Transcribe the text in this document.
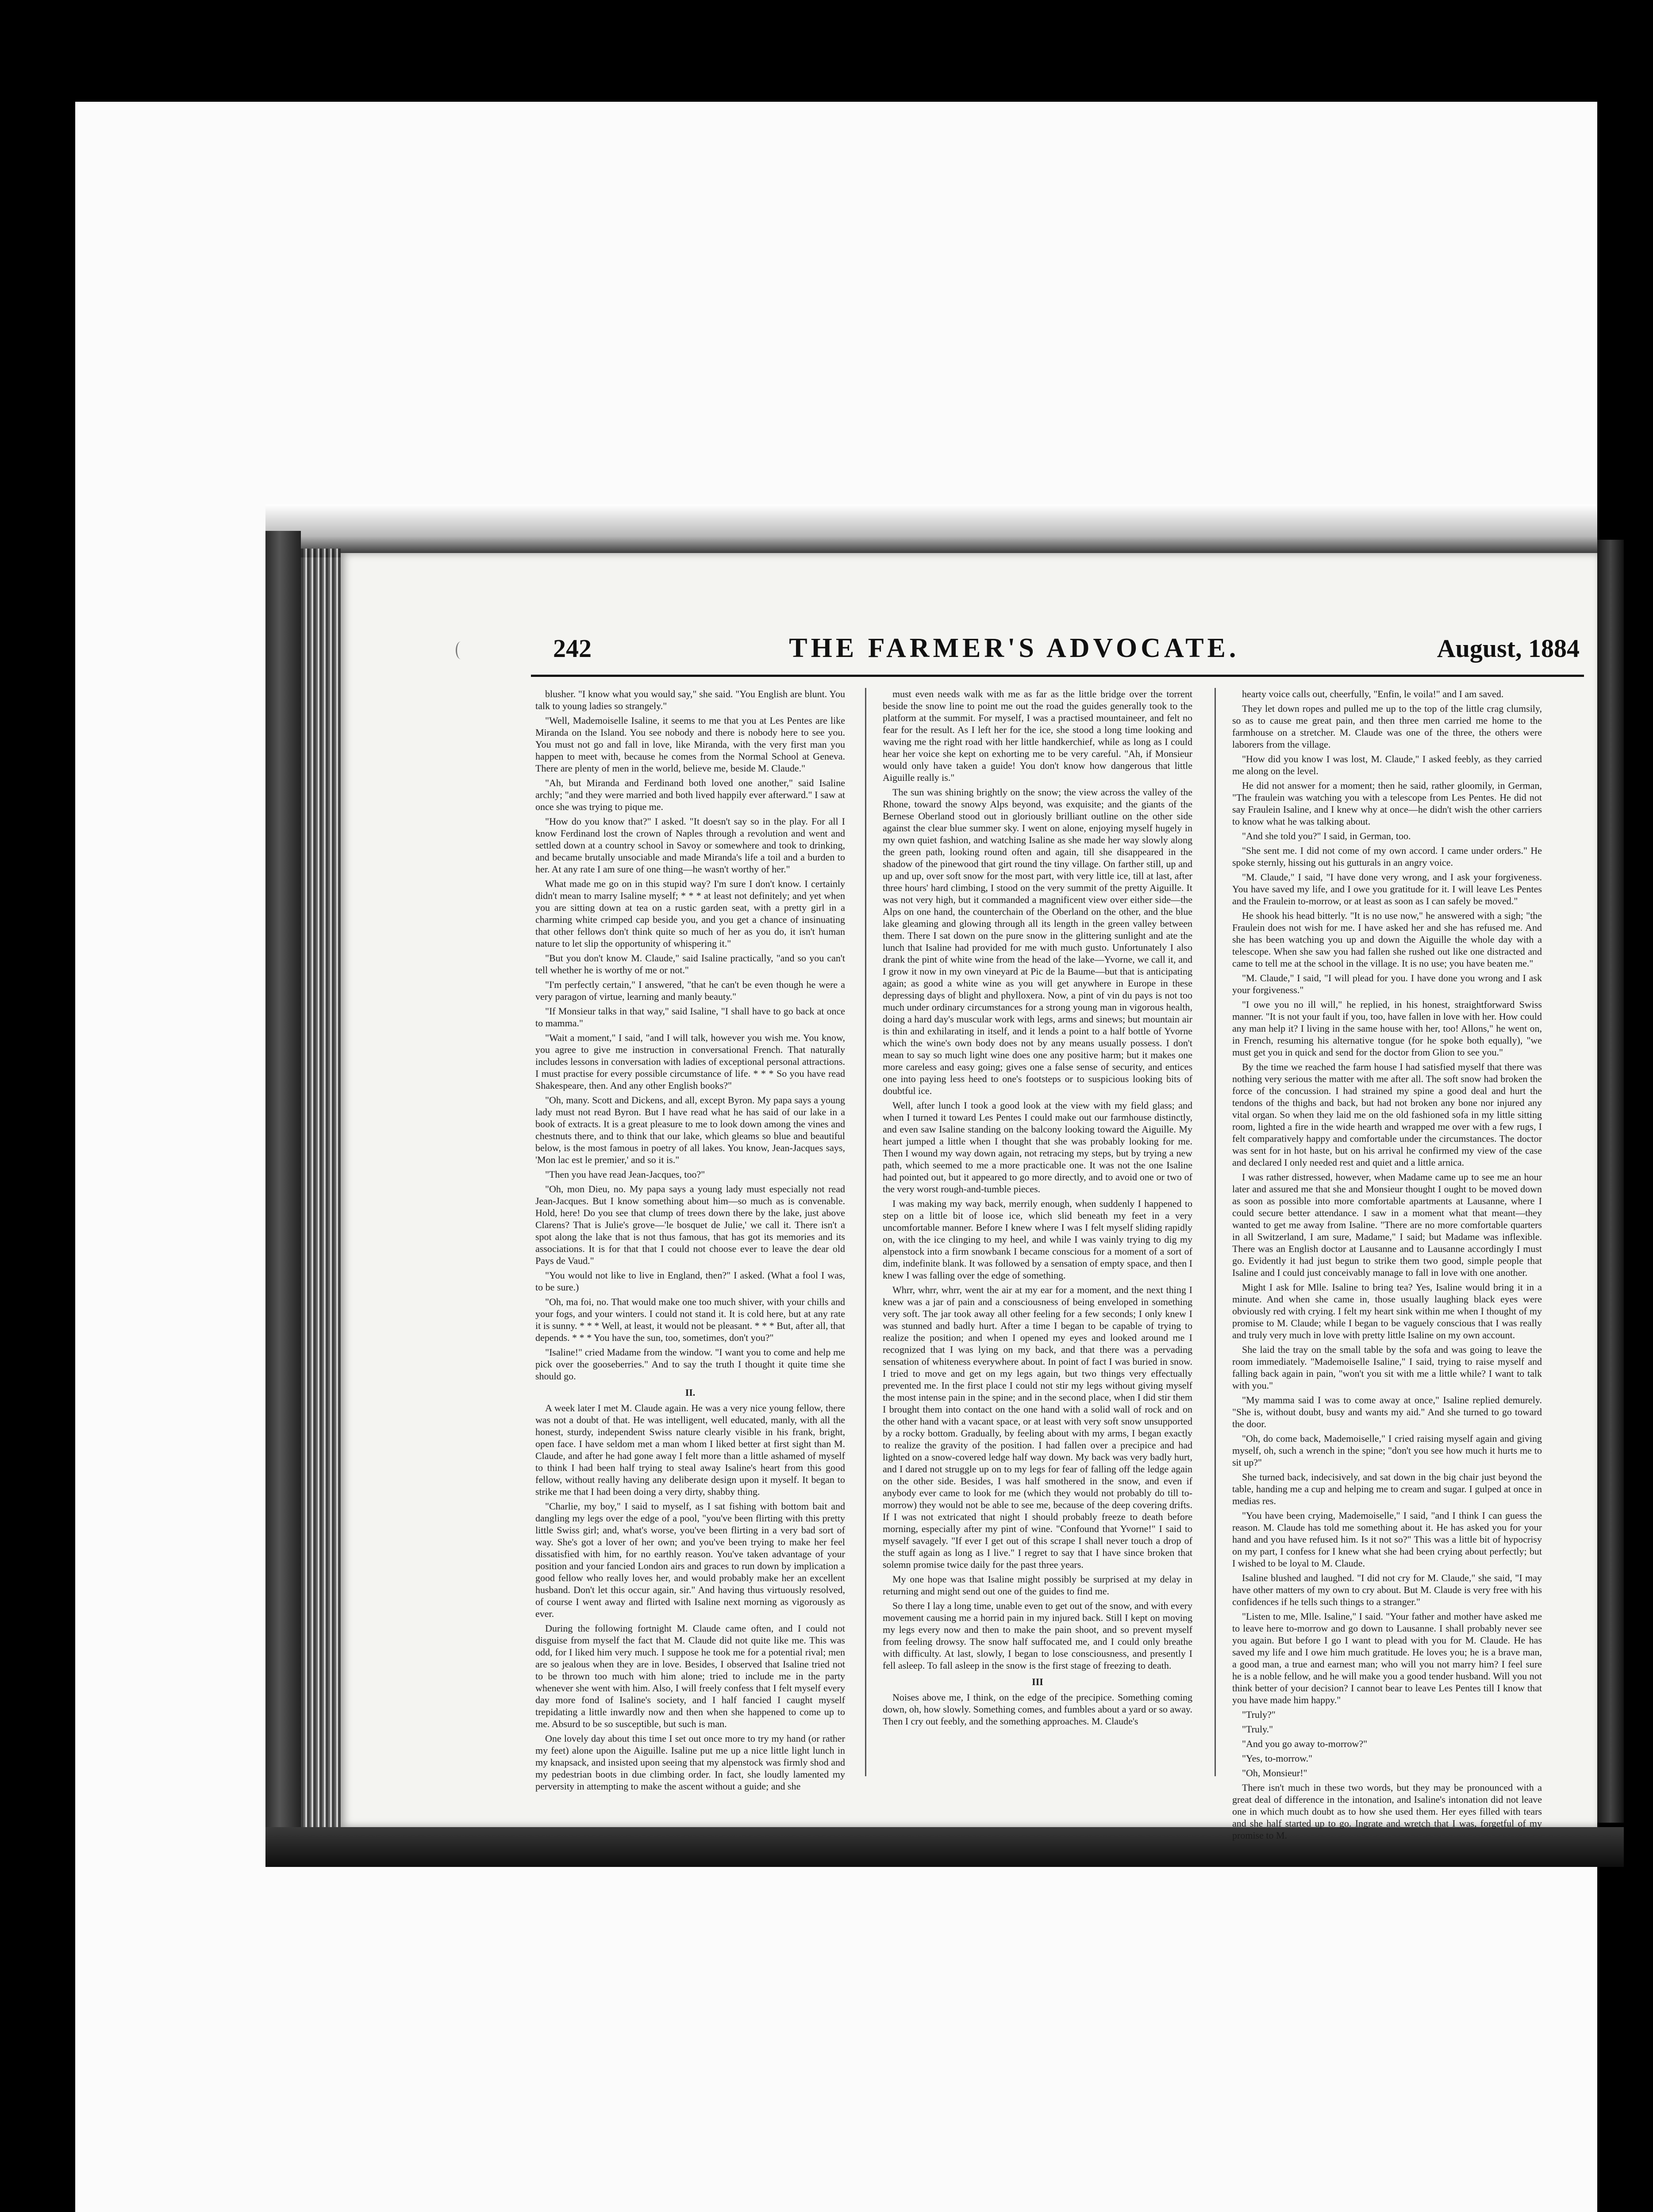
242	THE FARMER'S ADVOCATE.	August, 1884

blusher. "I know what you would say," she said. "You English are blunt. You talk to young ladies so strangely."

"Well, Mademoiselle Isaline, it seems to me that you at Les Pentes are like Miranda on the Island. You see nobody and there is nobody here to see you. You must not go and fall in love, like Miranda, with the very first man you happen to meet with, because he comes from the Normal School at Geneva. There are plenty of men in the world, believe me, beside M. Claude."

"Ah, but Miranda and Ferdinand both loved one another," said Isaline archly; "and they were married and both lived happily ever afterward." I saw at once she was trying to pique me.

"How do you know that?" I asked. "It doesn't say so in the play. For all I know Ferdinand lost the crown of Naples through a revolution and went and settled down at a country school in Savoy or somewhere and took to drinking, and became brutally unsociable and made Miranda's life a toil and a burden to her. At any rate I am sure of one thing—he wasn't worthy of her."

What made me go on in this stupid way? I'm sure I don't know. I certainly didn't mean to marry Isaline myself; * * * at least not definitely; and yet when you are sitting down at tea on a rustic garden seat, with a pretty girl in a charming white crimped cap beside you, and you get a chance of insinuating that other fellows don't think quite so much of her as you do, it isn't human nature to let slip the opportunity of whispering it."

"But you don't know M. Claude," said Isaline practically, "and so you can't tell whether he is worthy of me or not."

"I'm perfectly certain," I answered, "that he can't be even though he were a very paragon of virtue, learning and manly beauty."

"If Monsieur talks in that way," said Isaline, "I shall have to go back at once to mamma."

"Wait a moment," I said, "and I will talk, however you wish me. You know, you agree to give me instruction in conversational French. That naturally includes lessons in conversation with ladies of exceptional personal attractions. I must practise for every possible circumstance of life. * * * So you have read Shakespeare, then. And any other English books?"

"Oh, many. Scott and Dickens, and all, except Byron. My papa says a young lady must not read Byron. But I have read what he has said of our lake in a book of extracts. It is a great pleasure to me to look down among the vines and chestnuts there, and to think that our lake, which gleams so blue and beautiful below, is the most famous in poetry of all lakes. You know, Jean-Jacques says, 'Mon lac est le premier,' and so it is."

"Then you have read Jean-Jacques, too?"

"Oh, mon Dieu, no. My papa says a young lady must especially not read Jean-Jacques. But I know something about him—so much as is convenable. Hold, here! Do you see that clump of trees down there by the lake, just above Clarens? That is Julie's grove—'le bosquet de Julie,' we call it. There isn't a spot along the lake that is not thus famous, that has got its memories and its associations. It is for that that I could not choose ever to leave the dear old Pays de Vaud."

"You would not like to live in England, then?" I asked. (What a fool I was, to be sure.)

"Oh, ma foi, no. That would make one too much shiver, with your chills and your fogs, and your winters. I could not stand it. It is cold here, but at any rate it is sunny. * * * Well, at least, it would not be pleasant. * * * But, after all, that depends. * * * You have the sun, too, sometimes, don't you?"

"Isaline!" cried Madame from the window. "I want you to come and help me pick over the gooseberries." And to say the truth I thought it quite time she should go.

II.

A week later I met M. Claude again. He was a very nice young fellow, there was not a doubt of that. He was intelligent, well educated, manly, with all the honest, sturdy, independent Swiss nature clearly visible in his frank, bright, open face. I have seldom met a man whom I liked better at first sight than M. Claude, and after he had gone away I felt more than a little ashamed of myself to think I had been half trying to steal away Isaline's heart from this good fellow, without really having any deliberate design upon it myself. It began to strike me that I had been doing a very dirty, shabby thing.

"Charlie, my boy," I said to myself, as I sat fishing with bottom bait and dangling my legs over the edge of a pool, "you've been flirting with this pretty little Swiss girl; and, what's worse, you've been flirting in a very bad sort of way. She's got a lover of her own; and you've been trying to make her feel dissatisfied with him, for no earthly reason. You've taken advantage of your position and your fancied London airs and graces to run down by implication a good fellow who really loves her, and would probably make her an excellent husband. Don't let this occur again, sir." And having thus virtuously resolved, of course I went away and flirted with Isaline next morning as vigorously as ever.

During the following fortnight M. Claude came often, and I could not disguise from myself the fact that M. Claude did not quite like me. This was odd, for I liked him very much. I suppose he took me for a potential rival; men are so jealous when they are in love. Besides, I observed that Isaline tried not to be thrown too much with him alone; tried to include me in the party whenever she went with him. Also, I will freely confess that I felt myself every day more fond of Isaline's society, and I half fancied I caught myself trepidating a little inwardly now and then when she happened to come up to me. Absurd to be so susceptible, but such is man.

One lovely day about this time I set out once more to try my hand (or rather my feet) alone upon the Aiguille. Isaline put me up a nice little light lunch in my knapsack, and insisted upon seeing that my alpenstock was firmly shod and my pedestrian boots in due climbing order. In fact, she loudly lamented my perversity in attempting to make the ascent without a guide; and she

must even needs walk with me as far as the little bridge over the torrent beside the snow line to point me out the road the guides generally took to the platform at the summit. For myself, I was a practised mountaineer, and felt no fear for the result. As I left her for the ice, she stood a long time looking and waving me the right road with her little handkerchief, while as long as I could hear her voice she kept on exhorting me to be very careful. "Ah, if Monsieur would only have taken a guide! You don't know how dangerous that little Aiguille really is."

The sun was shining brightly on the snow; the view across the valley of the Rhone, toward the snowy Alps beyond, was exquisite; and the giants of the Bernese Oberland stood out in gloriously brilliant outline on the other side against the clear blue summer sky. I went on alone, enjoying myself hugely in my own quiet fashion, and watching Isaline as she made her way slowly along the green path, looking round often and again, till she disappeared in the shadow of the pinewood that girt round the tiny village. On farther still, up and up and up, over soft snow for the most part, with very little ice, till at last, after three hours' hard climbing, I stood on the very summit of the pretty Aiguille. It was not very high, but it commanded a magnificent view over either side—the Alps on one hand, the counterchain of the Oberland on the other, and the blue lake gleaming and glowing through all its length in the green valley between them. There I sat down on the pure snow in the glittering sunlight and ate the lunch that Isaline had provided for me with much gusto. Unfortunately I also drank the pint of white wine from the head of the lake—Yvorne, we call it, and I grow it now in my own vineyard at Pic de la Baume—but that is anticipating again; as good a white wine as you will get anywhere in Europe in these depressing days of blight and phylloxera. Now, a pint of vin du pays is not too much under ordinary circumstances for a strong young man in vigorous health, doing a hard day's muscular work with legs, arms and sinews; but mountain air is thin and exhilarating in itself, and it lends a point to a half bottle of Yvorne which the wine's own body does not by any means usually possess. I don't mean to say so much light wine does one any positive harm; but it makes one more careless and easy going; gives one a false sense of security, and entices one into paying less heed to one's footsteps or to suspicious looking bits of doubtful ice.

Well, after lunch I took a good look at the view with my field glass; and when I turned it toward Les Pentes I could make out our farmhouse distinctly, and even saw Isaline standing on the balcony looking toward the Aiguille. My heart jumped a little when I thought that she was probably looking for me. Then I wound my way down again, not retracing my steps, but by trying a new path, which seemed to me a more practicable one. It was not the one Isaline had pointed out, but it appeared to go more directly, and to avoid one or two of the very worst rough-and-tumble pieces.

I was making my way back, merrily enough, when suddenly I happened to step on a little bit of loose ice, which slid beneath my feet in a very uncomfortable manner. Before I knew where I was I felt myself sliding rapidly on, with the ice clinging to my heel, and while I was vainly trying to dig my alpenstock into a firm snowbank I became conscious for a moment of a sort of dim, indefinite blank. It was followed by a sensation of empty space, and then I knew I was falling over the edge of something.

Whrr, whrr, whrr, went the air at my ear for a moment, and the next thing I knew was a jar of pain and a consciousness of being enveloped in something very soft. The jar took away all other feeling for a few seconds; I only knew I was stunned and badly hurt. After a time I began to be capable of trying to realize the position; and when I opened my eyes and looked around me I recognized that I was lying on my back, and that there was a pervading sensation of whiteness everywhere about. In point of fact I was buried in snow. I tried to move and get on my legs again, but two things very effectually prevented me. In the first place I could not stir my legs without giving myself the most intense pain in the spine; and in the second place, when I did stir them I brought them into contact on the one hand with a solid wall of rock and on the other hand with a vacant space, or at least with very soft snow unsupported by a rocky bottom. Gradually, by feeling about with my arms, I began exactly to realize the gravity of the position. I had fallen over a precipice and had lighted on a snow-covered ledge half way down. My back was very badly hurt, and I dared not struggle up on to my legs for fear of falling off the ledge again on the other side. Besides, I was half smothered in the snow, and even if anybody ever came to look for me (which they would not probably do till to-morrow) they would not be able to see me, because of the deep covering drifts. If I was not extricated that night I should probably freeze to death before morning, especially after my pint of wine. "Confound that Yvorne!" I said to myself savagely. "If ever I get out of this scrape I shall never touch a drop of the stuff again as long as I live." I regret to say that I have since broken that solemn promise twice daily for the past three years.

My one hope was that Isaline might possibly be surprised at my delay in returning and might send out one of the guides to find me.

So there I lay a long time, unable even to get out of the snow, and with every movement causing me a horrid pain in my injured back. Still I kept on moving my legs every now and then to make the pain shoot, and so prevent myself from feeling drowsy. The snow half suffocated me, and I could only breathe with difficulty. At last, slowly, I began to lose consciousness, and presently I fell asleep. To fall asleep in the snow is the first stage of freezing to death.

III

Noises above me, I think, on the edge of the precipice. Something coming down, oh, how slowly. Something comes, and fumbles about a yard or so away. Then I cry out feebly, and the something approaches. M. Claude's

hearty voice calls out, cheerfully, "Enfin, le voila!" and I am saved.

They let down ropes and pulled me up to the top of the little crag clumsily, so as to cause me great pain, and then three men carried me home to the farmhouse on a stretcher. M. Claude was one of the three, the others were laborers from the village.

"How did you know I was lost, M. Claude," I asked feebly, as they carried me along on the level.

He did not answer for a moment; then he said, rather gloomily, in German, "The fraulein was watching you with a telescope from Les Pentes. He did not say Fraulein Isaline, and I knew why at once—he didn't wish the other carriers to know what he was talking about.

"And she told you?" I said, in German, too.

"She sent me. I did not come of my own accord. I came under orders." He spoke sternly, hissing out his gutturals in an angry voice.

"M. Claude," I said, "I have done very wrong, and I ask your forgiveness. You have saved my life, and I owe you gratitude for it. I will leave Les Pentes and the Fraulein to-morrow, or at least as soon as I can safely be moved."

He shook his head bitterly. "It is no use now," he answered with a sigh; "the Fraulein does not wish for me. I have asked her and she has refused me. And she has been watching you up and down the Aiguille the whole day with a telescope. When she saw you had fallen she rushed out like one distracted and came to tell me at the school in the village. It is no use; you have beaten me."

"M. Claude," I said, "I will plead for you. I have done you wrong and I ask your forgiveness."

"I owe you no ill will," he replied, in his honest, straightforward Swiss manner. "It is not your fault if you, too, have fallen in love with her. How could any man help it? I living in the same house with her, too! Allons," he went on, in French, resuming his alternative tongue (for he spoke both equally), "we must get you in quick and send for the doctor from Glion to see you."

By the time we reached the farm house I had satisfied myself that there was nothing very serious the matter with me after all. The soft snow had broken the force of the concussion. I had strained my spine a good deal and hurt the tendons of the thighs and back, but had not broken any bone nor injured any vital organ. So when they laid me on the old fashioned sofa in my little sitting room, lighted a fire in the wide hearth and wrapped me over with a few rugs, I felt comparatively happy and comfortable under the circumstances. The doctor was sent for in hot haste, but on his arrival he confirmed my view of the case and declared I only needed rest and quiet and a little arnica.

I was rather distressed, however, when Madame came up to see me an hour later and assured me that she and Monsieur thought I ought to be moved down as soon as possible into more comfortable apartments at Lausanne, where I could secure better attendance. I saw in a moment what that meant—they wanted to get me away from Isaline. "There are no more comfortable quarters in all Switzerland, I am sure, Madame," I said; but Madame was inflexible. There was an English doctor at Lausanne and to Lausanne accordingly I must go. Evidently it had just begun to strike them two good, simple people that Isaline and I could just conceivably manage to fall in love with one another.

Might I ask for Mlle. Isaline to bring tea? Yes, Isaline would bring it in a minute. And when she came in, those usually laughing black eyes were obviously red with crying. I felt my heart sink within me when I thought of my promise to M. Claude; while I began to be vaguely conscious that I was really and truly very much in love with pretty little Isaline on my own account.

She laid the tray on the small table by the sofa and was going to leave the room immediately. "Mademoiselle Isaline," I said, trying to raise myself and falling back again in pain, "won't you sit with me a little while? I want to talk with you."

"My mamma said I was to come away at once," Isaline replied demurely. "She is, without doubt, busy and wants my aid." And she turned to go toward the door.

"Oh, do come back, Mademoiselle," I cried raising myself again and giving myself, oh, such a wrench in the spine; "don't you see how much it hurts me to sit up?"

She turned back, indecisively, and sat down in the big chair just beyond the table, handing me a cup and helping me to cream and sugar. I gulped at once in medias res.

"You have been crying, Mademoiselle," I said, "and I think I can guess the reason. M. Claude has told me something about it. He has asked you for your hand and you have refused him. Is it not so?" This was a little bit of hypocrisy on my part, I confess for I knew what she had been crying about perfectly; but I wished to be loyal to M. Claude.

Isaline blushed and laughed. "I did not cry for M. Claude," she said, "I may have other matters of my own to cry about. But M. Claude is very free with his confidences if he tells such things to a stranger."

"Listen to me, Mlle. Isaline," I said. "Your father and mother have asked me to leave here to-morrow and go down to Lausanne. I shall probably never see you again. But before I go I want to plead with you for M. Claude. He has saved my life and I owe him much gratitude. He loves you; he is a brave man, a good man, a true and earnest man; who will you not marry him? I feel sure he is a noble fellow, and he will make you a good tender husband. Will you not think better of your decision? I cannot bear to leave Les Pentes till I know that you have made him happy."

"Truly?"

"Truly."

"And you go away to-morrow?"

"Yes, to-morrow."

"Oh, Monsieur!"

There isn't much in these two words, but they may be pronounced with a great deal of difference in the intonation, and Isaline's intonation did not leave one in which much doubt as to how she used them. Her eyes filled with tears and she half started up to go. Ingrate and wretch that I was, forgetful of my promise to M.
